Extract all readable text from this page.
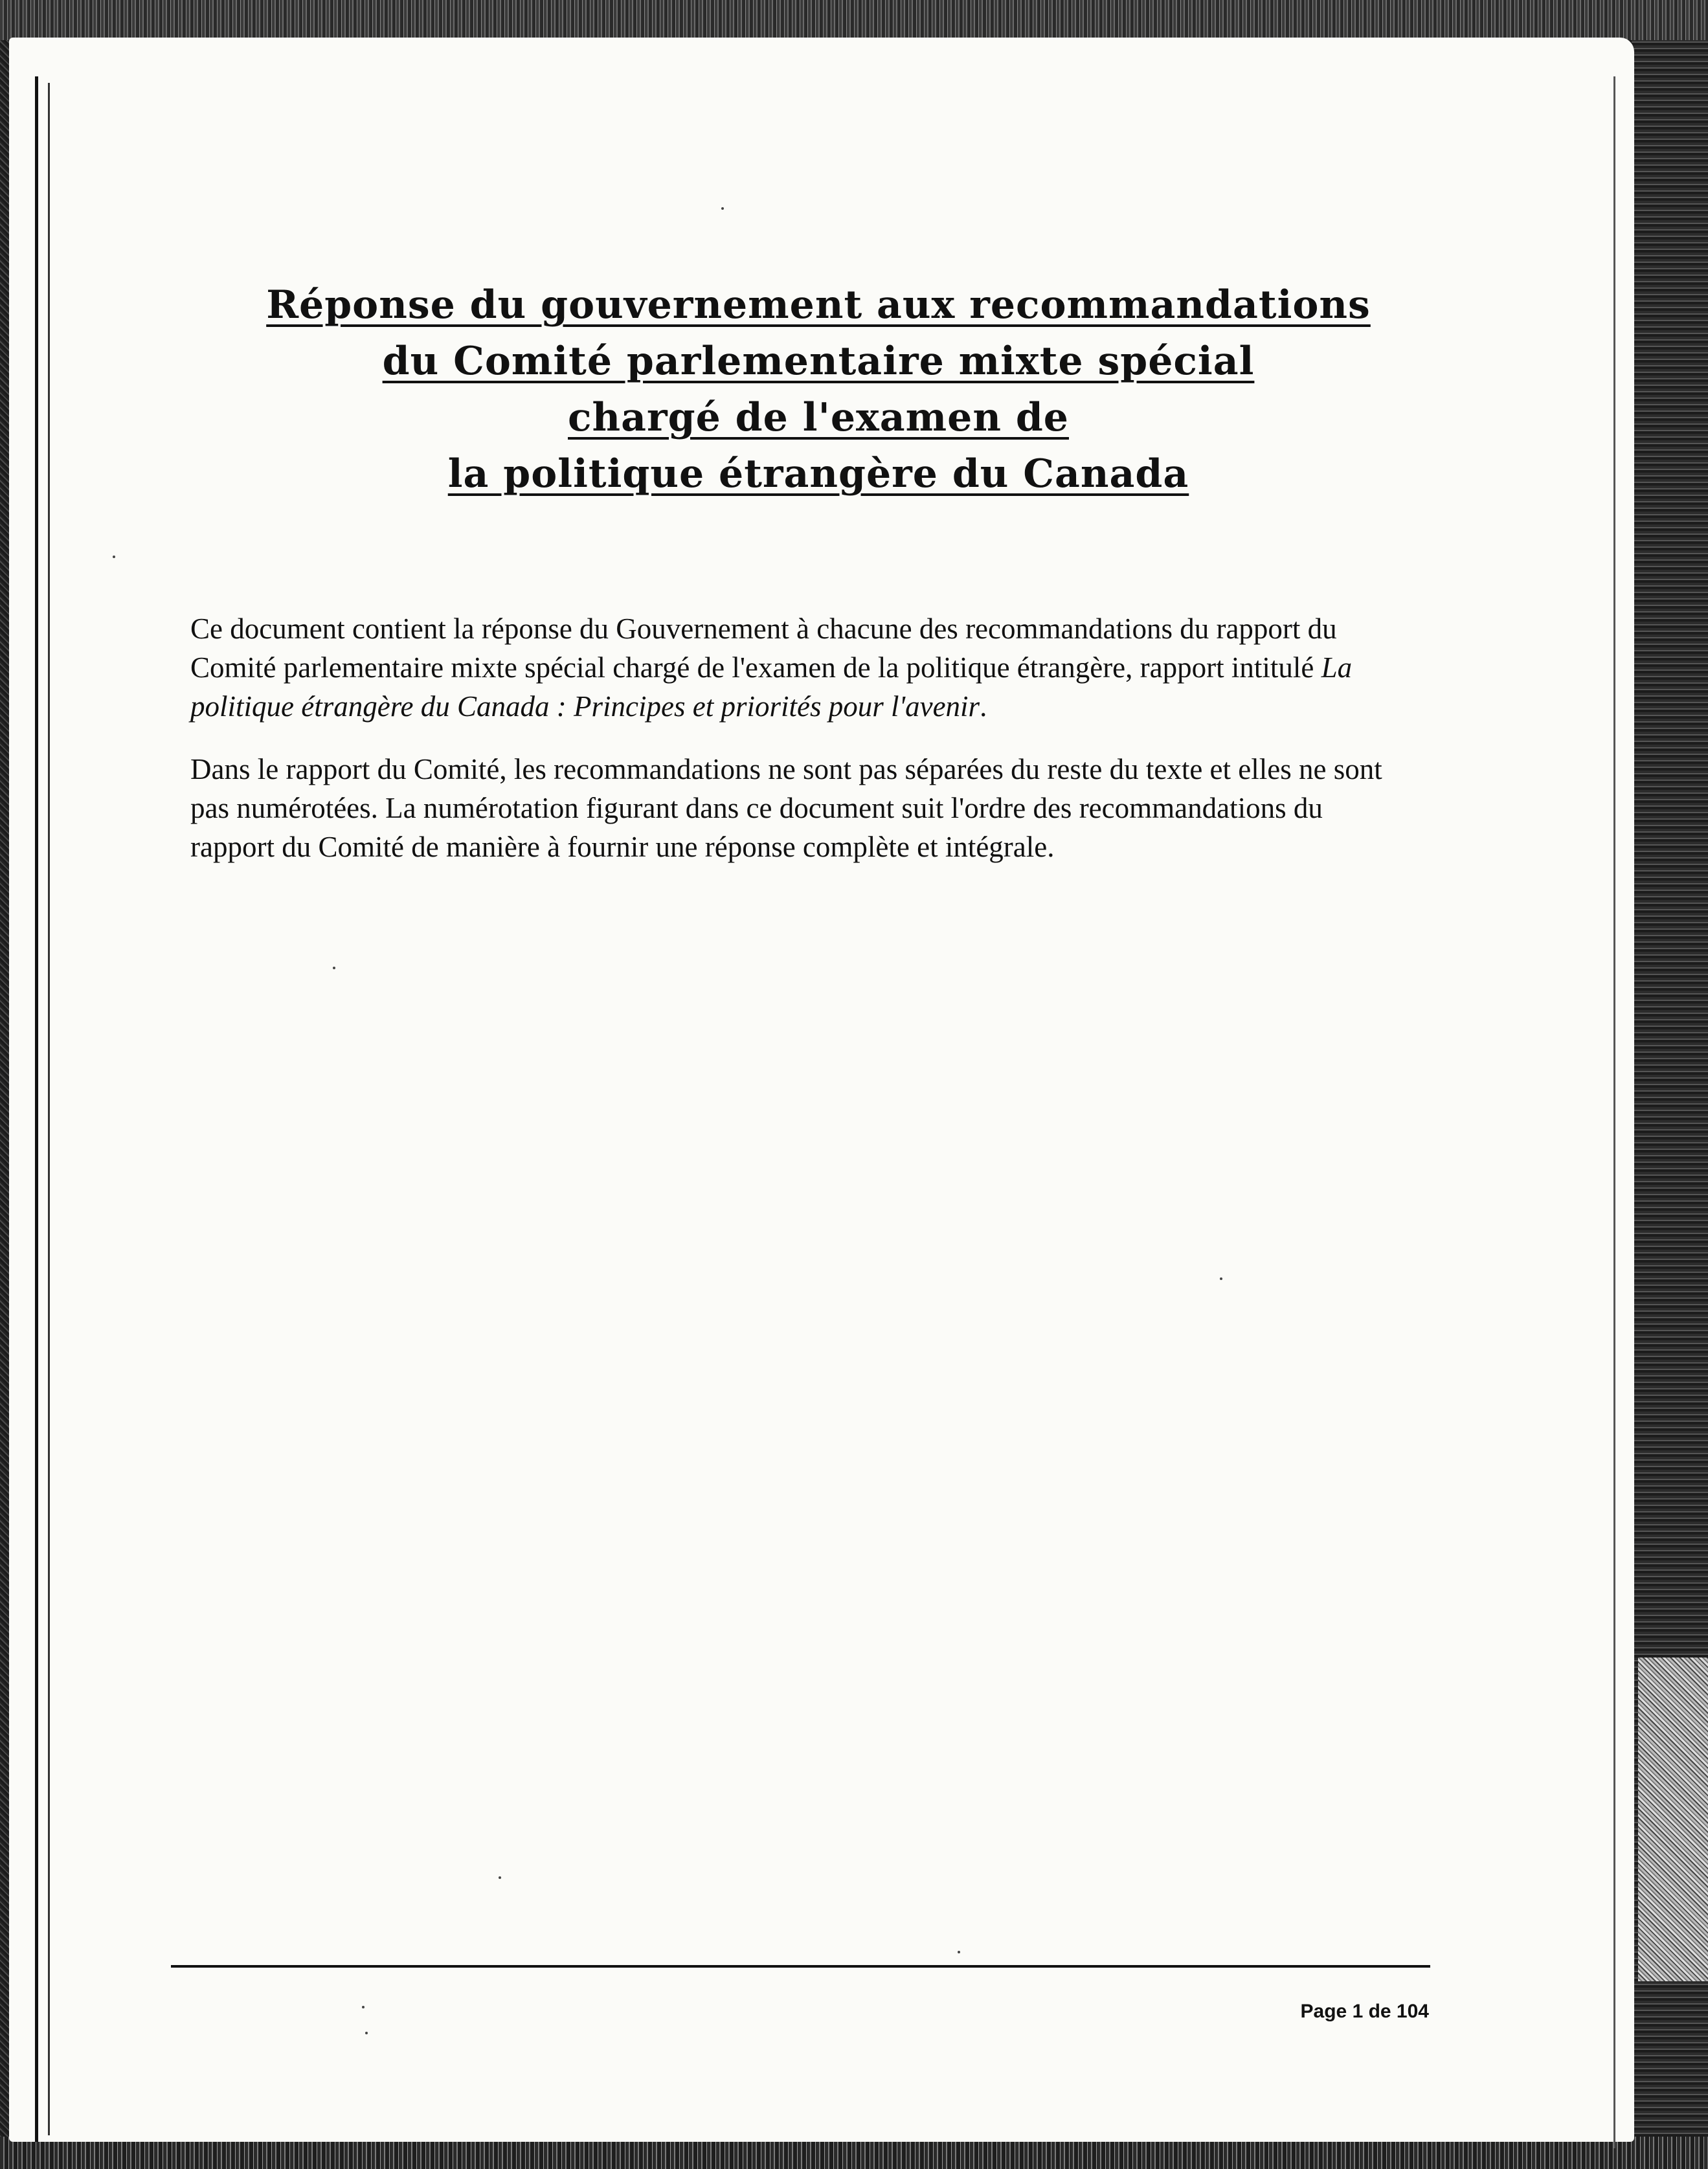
Réponse du gouvernement aux recommandations
du Comité parlementaire mixte spécial
chargé de l'examen de
la politique étrangère du Canada

Ce document contient la réponse du Gouvernement à chacune des recommandations du rapport du Comité parlementaire mixte spécial chargé de l'examen de la politique étrangère, rapport intitulé La politique étrangère du Canada : Principes et priorités pour l'avenir.

Dans le rapport du Comité, les recommandations ne sont pas séparées du reste du texte et elles ne sont pas numérotées. La numérotation figurant dans ce document suit l'ordre des recommandations du rapport du Comité de manière à fournir une réponse complète et intégrale.

Page 1 de 104
